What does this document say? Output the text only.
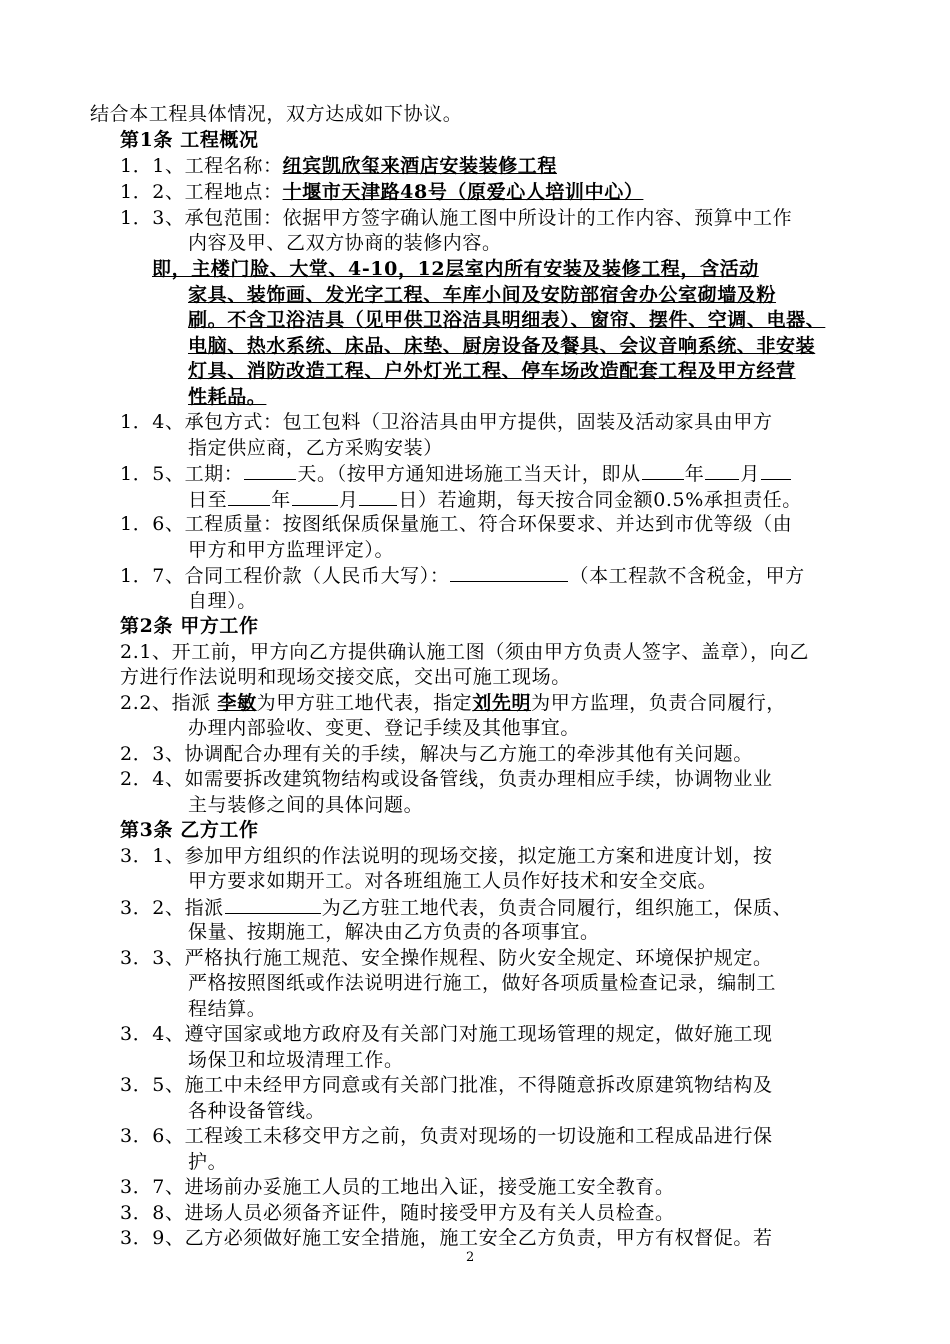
结合本工程具体情况，双方达成如下协议。
第1条 工程概况
1．1、工程名称：纽宾凯欣玺来酒店安装装修工程
1．2、工程地点：十堰市天津路48号（原爱心人培训中心）
1．3、承包范围：依据甲方签字确认施工图中所设计的工作内容、预算中工作
内容及甲、乙双方协商的装修内容。
即，主楼门脸、大堂、4-10，12层室内所有安装及装修工程，含活动
家具、装饰画、发光字工程、车库小间及安防部宿舍办公室砌墙及粉
刷。不含卫浴洁具（见甲供卫浴洁具明细表）、窗帘、摆件、空调、电器、
电脑、热水系统、床品、床垫、厨房设备及餐具、会议音响系统、非安装
灯具、消防改造工程、户外灯光工程、停车场改造配套工程及甲方经营
性耗品。
1．4、承包方式：包工包料（卫浴洁具由甲方提供，固装及活动家具由甲方
指定供应商，乙方采购安装）
1．5、工期：	天。（按甲方通知进场施工当天计，即从 年 月
日至 年	月 日）若逾期，每天按合同金额0.5%承担责任。
1．6、工程质量：按图纸保质保量施工、符合环保要求、并达到市优等级（由
甲方和甲方监理评定）。
1．7、合同工程价款（人民币大写）：	（本工程款不含税金，甲方
自理）。
第2条 甲方工作
2.1、开工前，甲方向乙方提供确认施工图（须由甲方负责人签字、盖章），向乙
方进行作法说明和现场交接交底，交出可施工现场。
2.2、指派 李敏为甲方驻工地代表，指定刘先明为甲方监理，负责合同履行，
办理内部验收、变更、登记手续及其他事宜。
2．3、协调配合办理有关的手续，解决与乙方施工的牵涉其他有关问题。
2．4、如需要拆改建筑物结构或设备管线，负责办理相应手续，协调物业业
主与装修之间的具体问题。
第3条 乙方工作
3．1、参加甲方组织的作法说明的现场交接，拟定施工方案和进度计划，按
甲方要求如期开工。对各班组施工人员作好技术和安全交底。
3．2、指派	为乙方驻工地代表，负责合同履行，组织施工，保质、
保量、按期施工，解决由乙方负责的各项事宜。
3．3、严格执行施工规范、安全操作规程、防火安全规定、环境保护规定。
严格按照图纸或作法说明进行施工，做好各项质量检查记录，编制工
程结算。
3．4、遵守国家或地方政府及有关部门对施工现场管理的规定，做好施工现
场保卫和垃圾清理工作。
3．5、施工中未经甲方同意或有关部门批准，不得随意拆改原建筑物结构及
各种设备管线。
3．6、工程竣工未移交甲方之前，负责对现场的一切设施和工程成品进行保
护。
3．7、进场前办妥施工人员的工地出入证，接受施工安全教育。
3．8、进场人员必须备齐证件，随时接受甲方及有关人员检查。
3．9、乙方必须做好施工安全措施，施工安全乙方负责，甲方有权督促。若
2
